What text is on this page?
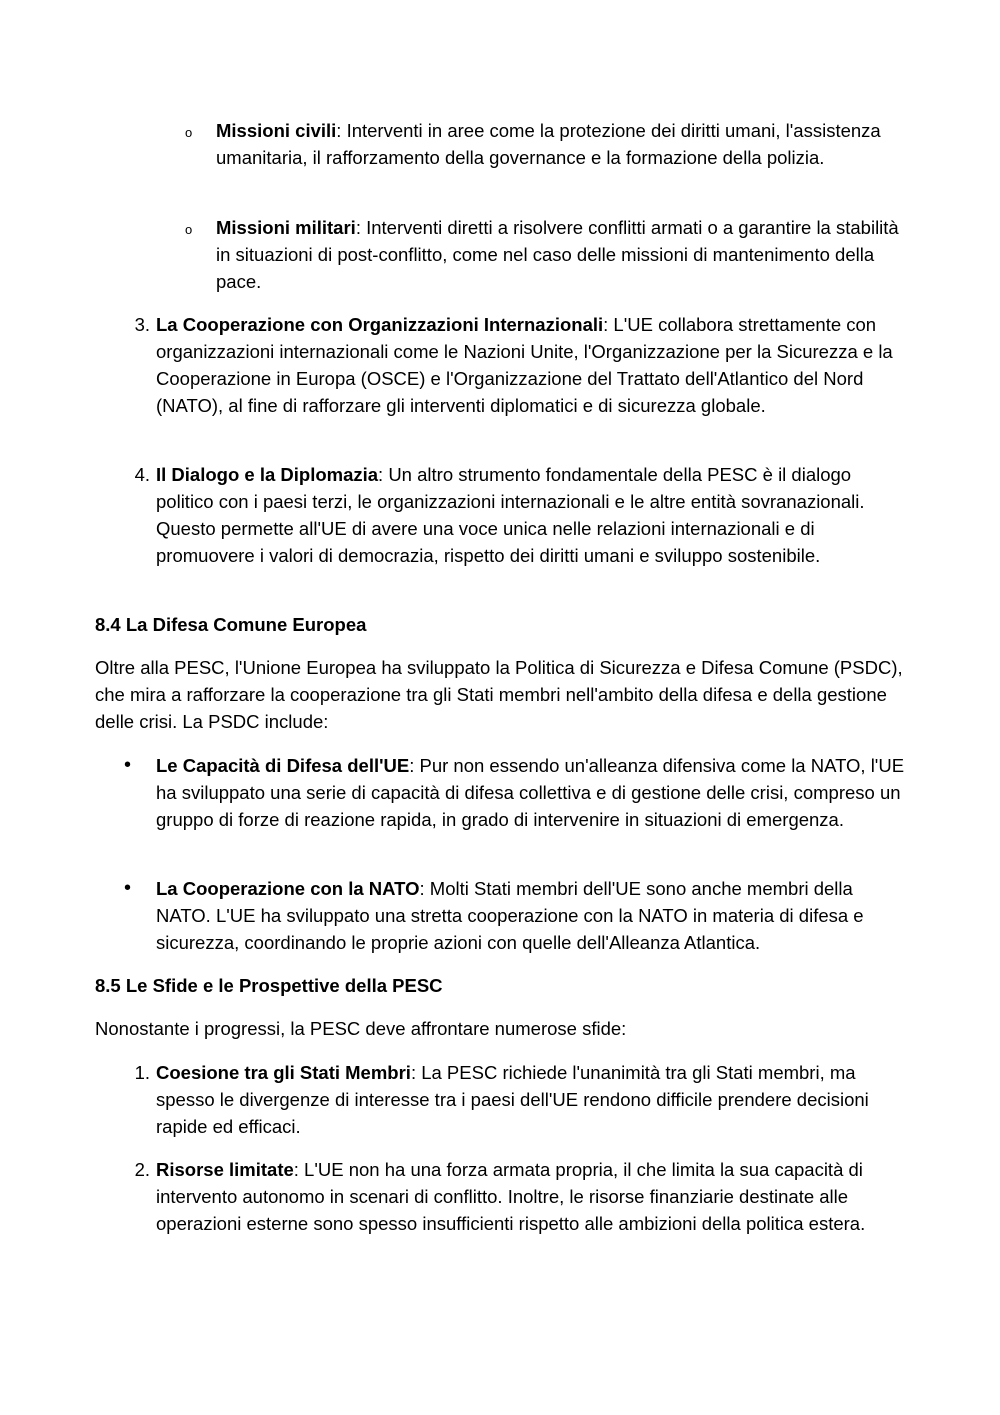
o Missioni civili: Interventi in aree come la protezione dei diritti umani, l'assistenza umanitaria, il rafforzamento della governance e la formazione della polizia.
o Missioni militari: Interventi diretti a risolvere conflitti armati o a garantire la stabilità in situazioni di post-conflitto, come nel caso delle missioni di mantenimento della pace.
3. La Cooperazione con Organizzazioni Internazionali: L'UE collabora strettamente con organizzazioni internazionali come le Nazioni Unite, l'Organizzazione per la Sicurezza e la Cooperazione in Europa (OSCE) e l'Organizzazione del Trattato dell'Atlantico del Nord (NATO), al fine di rafforzare gli interventi diplomatici e di sicurezza globale.
4. Il Dialogo e la Diplomazia: Un altro strumento fondamentale della PESC è il dialogo politico con i paesi terzi, le organizzazioni internazionali e le altre entità sovranazionali. Questo permette all'UE di avere una voce unica nelle relazioni internazionali e di promuovere i valori di democrazia, rispetto dei diritti umani e sviluppo sostenibile.
8.4 La Difesa Comune Europea

Oltre alla PESC, l'Unione Europea ha sviluppato la Politica di Sicurezza e Difesa Comune (PSDC), che mira a rafforzare la cooperazione tra gli Stati membri nell'ambito della difesa e della gestione delle crisi. La PSDC include:

• Le Capacità di Difesa dell'UE: Pur non essendo un'alleanza difensiva come la NATO, l'UE ha sviluppato una serie di capacità di difesa collettiva e di gestione delle crisi, compreso un gruppo di forze di reazione rapida, in grado di intervenire in situazioni di emergenza.
• La Cooperazione con la NATO: Molti Stati membri dell'UE sono anche membri della NATO. L'UE ha sviluppato una stretta cooperazione con la NATO in materia di difesa e sicurezza, coordinando le proprie azioni con quelle dell'Alleanza Atlantica.
8.5 Le Sfide e le Prospettive della PESC

Nonostante i progressi, la PESC deve affrontare numerose sfide:

1. Coesione tra gli Stati Membri: La PESC richiede l'unanimità tra gli Stati membri, ma spesso le divergenze di interesse tra i paesi dell'UE rendono difficile prendere decisioni rapide ed efficaci.
2. Risorse limitate: L'UE non ha una forza armata propria, il che limita la sua capacità di intervento autonomo in scenari di conflitto. Inoltre, le risorse finanziarie destinate alle operazioni esterne sono spesso insufficienti rispetto alle ambizioni della politica estera.
